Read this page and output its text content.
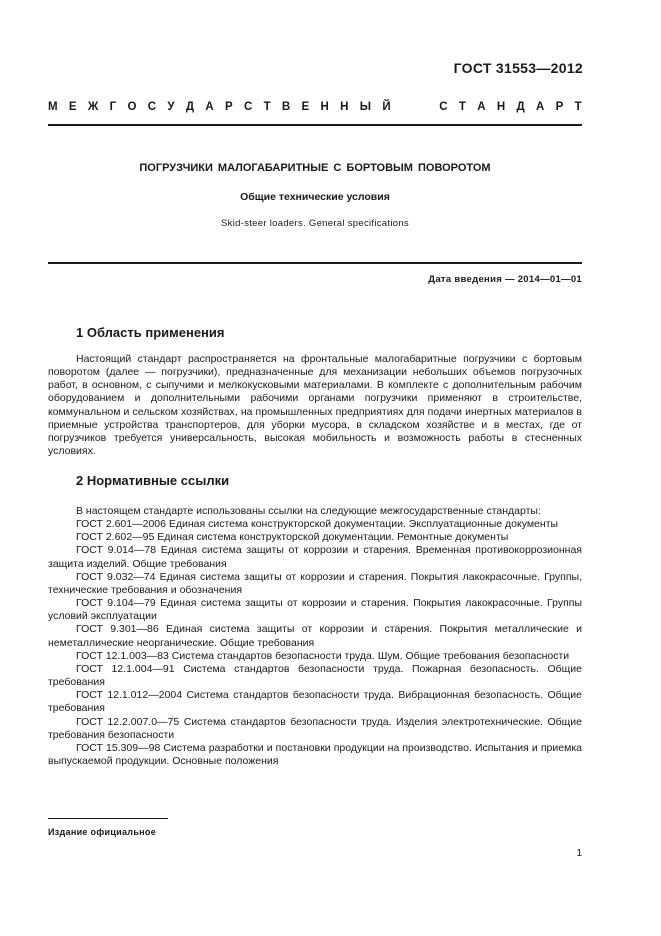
ГОСТ 31553—2012
М Е Ж Г О С У Д А Р С Т В Е Н Н Ы Й	С Т А Н Д А Р Т
ПОГРУЗЧИКИ МАЛОГАБАРИТНЫЕ С БОРТОВЫМ ПОВОРОТОМ
Общие технические условия
Skid-steer loaders. General specifications
Дата введения — 2014—01—01
1 Область применения

Настоящий стандарт распространяется на фронтальные малогабаритные погрузчики с бортовым поворотом (далее — погрузчики), предназначенные для механизации небольших объемов погрузочных работ, в основном, с сыпучими и мелкокусковыми материалами. В комплекте с дополнительным рабочим оборудованием и дополнительными рабочими органами погрузчики применяют в строительстве, коммунальном и сельском хозяйствах, на промышленных предприятиях для подачи инертных материалов в приемные устройства транспортеров, для уборки мусора, в складском хозяйстве и в местах, где от погрузчиков требуется универсальность, высокая мобильность и возможность работы в стесненных условиях.

2 Нормативные ссылки

В настоящем стандарте использованы ссылки на следующие межгосударственные стандарты:

ГОСТ 2.601—2006 Единая система конструкторской документации. Эксплуатационные документы

ГОСТ 2.602—95 Единая система конструкторской документации. Ремонтные документы

ГОСТ 9.014—78 Единая система защиты от коррозии и старения. Временная противокоррозионная защита изделий. Общие требования

ГОСТ 9.032—74 Единая система защиты от коррозии и старения. Покрытия лакокрасочные. Группы, технические требования и обозначения

ГОСТ 9.104—79 Единая система защиты от коррозии и старения. Покрытия лакокрасочные. Группы условий эксплуатации

ГОСТ 9.301—86 Единая система защиты от коррозии и старения. Покрытия металлические и неметаллические неорганические. Общие требования

ГОСТ 12.1.003—83 Система стандартов безопасности труда. Шум. Общие требования безопасности

ГОСТ 12.1.004—91 Система стандартов безопасности труда. Пожарная безопасность. Общие требования

ГОСТ 12.1.012—2004 Система стандартов безопасности труда. Вибрационная безопасность. Общие требования

ГОСТ 12.2.007.0—75 Система стандартов безопасности труда. Изделия электротехнические. Общие требования безопасности

ГОСТ 15.309—98 Система разработки и постановки продукции на производство. Испытания и приемка выпускаемой продукции. Основные положения

Издание официальное
1
